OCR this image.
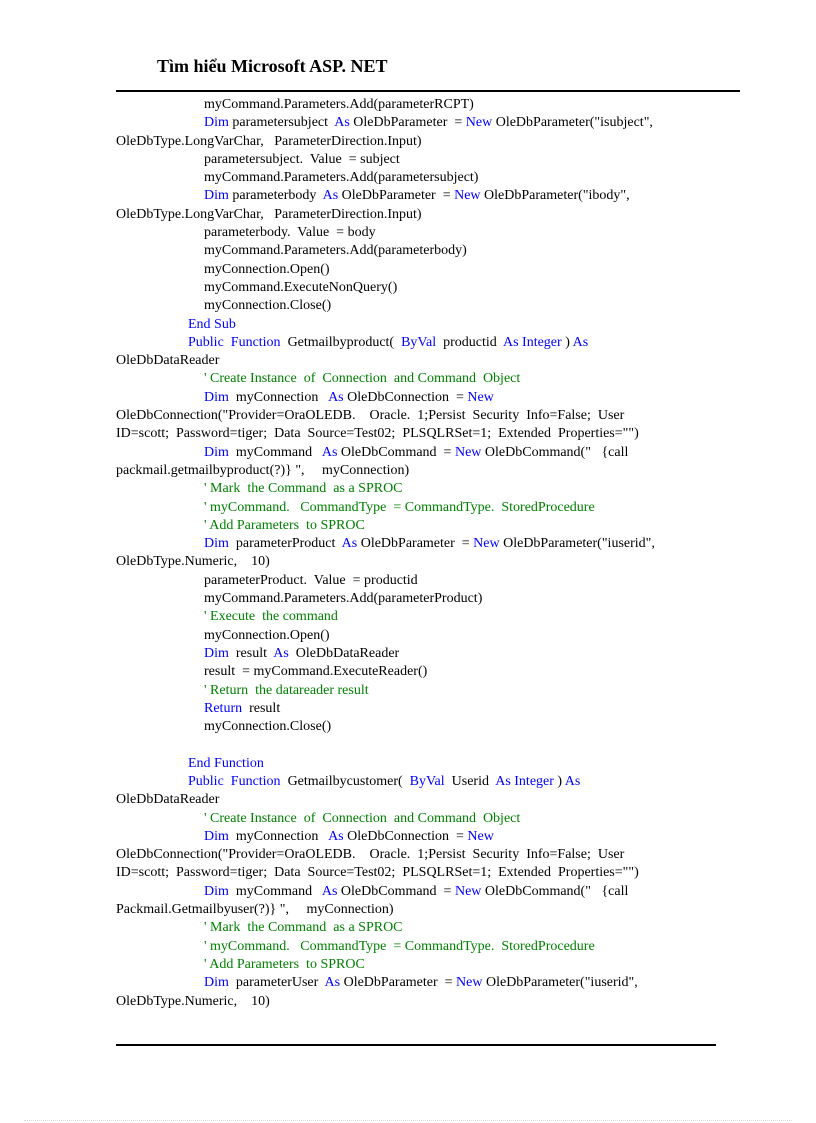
Tìm hiểu Microsoft ASP. NET
myCommand.Parameters.Add(parameterRCPT)
Dim parametersubject  As OleDbParameter  = New OleDbParameter("isubject",
OleDbType.LongVarChar,   ParameterDirection.Input)
parametersubject.  Value  = subject
myCommand.Parameters.Add(parametersubject)
Dim parameterbody  As OleDbParameter  = New OleDbParameter("ibody",
OleDbType.LongVarChar,   ParameterDirection.Input)
parameterbody.  Value  = body
myCommand.Parameters.Add(parameterbody)
myConnection.Open()
myCommand.ExecuteNonQuery()
myConnection.Close()
End Sub
Public  Function  Getmailbyproduct(  ByVal  productid  As Integer ) As
OleDbDataReader
' Create Instance  of  Connection  and Command  Object
Dim  myConnection   As OleDbConnection  = New
OleDbConnection("Provider=OraOLEDB.    Oracle.  1;Persist  Security  Info=False;  User
ID=scott;  Password=tiger;  Data  Source=Test02;  PLSQLRSet=1;  Extended  Properties="")
Dim  myCommand   As OleDbCommand  = New OleDbCommand("   {call
packmail.getmailbyproduct(?)} ",     myConnection)
' Mark  the Command  as a SPROC
' myCommand.   CommandType  = CommandType.  StoredProcedure
' Add Parameters  to SPROC
Dim  parameterProduct  As OleDbParameter  = New OleDbParameter("iuserid",
OleDbType.Numeric,    10)
parameterProduct.  Value  = productid
myCommand.Parameters.Add(parameterProduct)
' Execute  the command
myConnection.Open()
Dim  result  As  OleDbDataReader
result  = myCommand.ExecuteReader()
' Return  the datareader result
Return  result
myConnection.Close()
End Function
Public  Function  Getmailbycustomer(  ByVal  Userid  As Integer ) As
OleDbDataReader
' Create Instance  of  Connection  and Command  Object
Dim  myConnection   As OleDbConnection  = New
OleDbConnection("Provider=OraOLEDB.    Oracle.  1;Persist  Security  Info=False;  User
ID=scott;  Password=tiger;  Data  Source=Test02;  PLSQLRSet=1;  Extended  Properties="")
Dim  myCommand   As OleDbCommand  = New OleDbCommand("   {call
Packmail.Getmailbyuser(?)} ",     myConnection)
' Mark  the Command  as a SPROC
' myCommand.   CommandType  = CommandType.  StoredProcedure
' Add Parameters  to SPROC
Dim  parameterUser  As OleDbParameter  = New OleDbParameter("iuserid",
OleDbType.Numeric,    10)
